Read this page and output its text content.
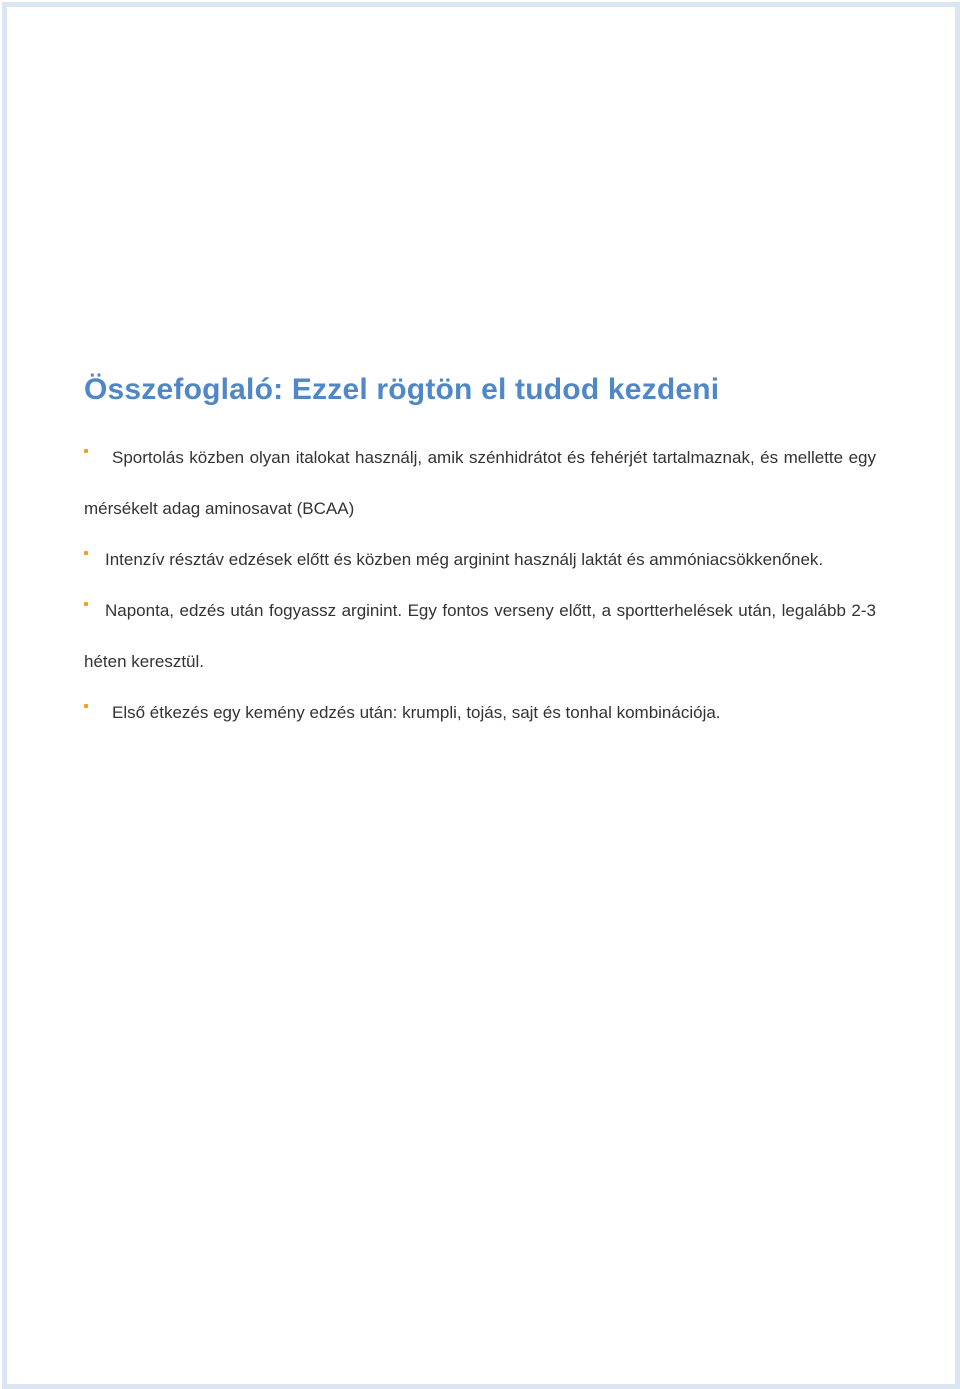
Összefoglaló: Ezzel rögtön el tudod kezdeni

Sportolás közben olyan italokat használj, amik szénhidrátot és fehérjét tartalmaznak, és mellette egy mérsékelt adag aminosavat (BCAA)

Intenzív résztáv edzések előtt és közben még arginint használj laktát és ammóniacsökkenőnek.

Naponta, edzés után fogyassz arginint. Egy fontos verseny előtt, a sportterhelések után, legalább 2-3 héten keresztül.

Első étkezés egy kemény edzés után: krumpli, tojás, sajt és tonhal kombinációja.
